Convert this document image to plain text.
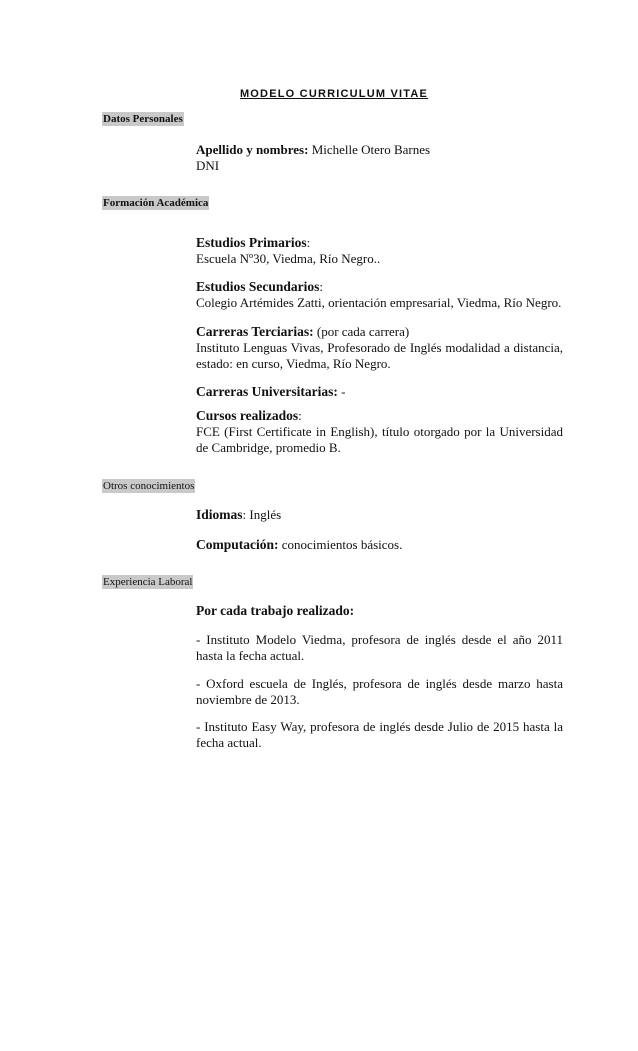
MODELO CURRICULUM VITAE
Datos Personales

Apellido y nombres: Michelle Otero Barnes

DNI

Formación Académica

Estudios Primarios:

Escuela Nº30, Viedma, Río Negro..

Estudios Secundarios:

Colegio Artémides Zatti, orientación empresarial, Viedma, Río Negro.

Carreras Terciarias: (por cada carrera)

Instituto Lenguas Vivas, Profesorado de Inglés modalidad a distancia, estado: en curso, Viedma, Río Negro.

Carreras Universitarias: -

Cursos realizados:

FCE (First Certificate in English), título otorgado por la Universidad de Cambridge, promedio B.

Otros conocimientos

Idiomas: Inglés

Computación: conocimientos básicos.

Experiencia Laboral

Por cada trabajo realizado:

- Instituto Modelo Viedma, profesora de inglés desde el año 2011 hasta la fecha actual.

- Oxford escuela de Inglés, profesora de inglés desde marzo hasta noviembre de 2013.

- Instituto Easy Way, profesora de inglés desde Julio de 2015 hasta la fecha actual.
